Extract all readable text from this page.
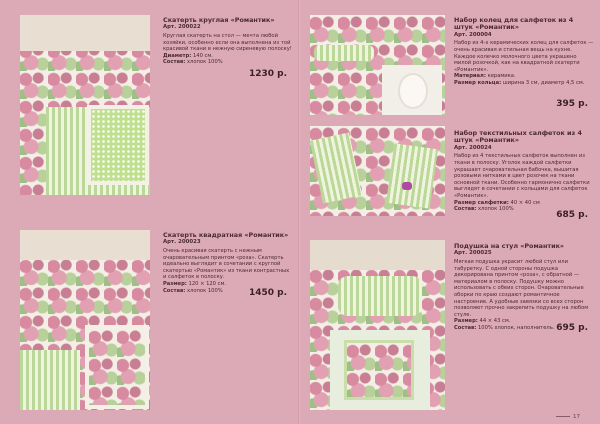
Скатерть круглая «Романтик»
Арт. 200022
Круглая скатерть на стол — мечта любой хозяйки, особенно если она выполнена из той красивой ткани в нежную сиреневую полоску!
Диаметр: 140 см.
Состав: хлопок 100%
1230 р.
Скатерть квадратная «Романтик»
Арт. 200023
Очень красивая скатерть с нежным очаровательным принтом «роза». Скатерть идеально выглядит в сочетании с круглой скатертью «Романтик» из ткани контрастных и салфеток в полоску.
Размер: 120 × 120 см.
Состав: хлопок 100%	1450 р.
Набор колец для салфеток из 4 штук «Романтик»
Арт. 200004
Набор из 4-х керамических колец для салфеток — очень красивая и стильная вещь на кухне. Каждое колечко молочного цвета украшено милой розочкой, как на квадратной скатерти «Романтик».
Материал: керамика.
Размер кольца: ширина 3 см, диаметр 4,5 см.
395 р.
Набор текстильных салфеток из 4 штук «Романтик»
Арт. 200024
Набор из 4 текстильных салфеток выполнен из ткани в полоску. Уголок каждой салфетки украшает очаровательная бабочка, вышитая розовыми нитками в цвет розочек на ткани основной ткани. Особенно гармонично салфетки выглядят в сочетании с кольцами для салфеток «Романтик».
Размер салфетки: 40 × 40 см
Состав: хлопок 100%
685 р.
Подушка на стул «Романтик»
Арт. 200025
Мягкая подушка украсит любой стул или табуретку. С одной стороны подушка декорирована принтом «роза», с обратной — материалом в полоску. Подушку можно использовать с обеих сторон. Очаровательные оборки по краю создают романтичное настроение. А удобные завязки со всех сторон позволяют прочно закрепить подушку на любом стуле.
Размер: 44 × 43 см.
Состав: 100% хлопок, наполнитель. 695 р.
17
